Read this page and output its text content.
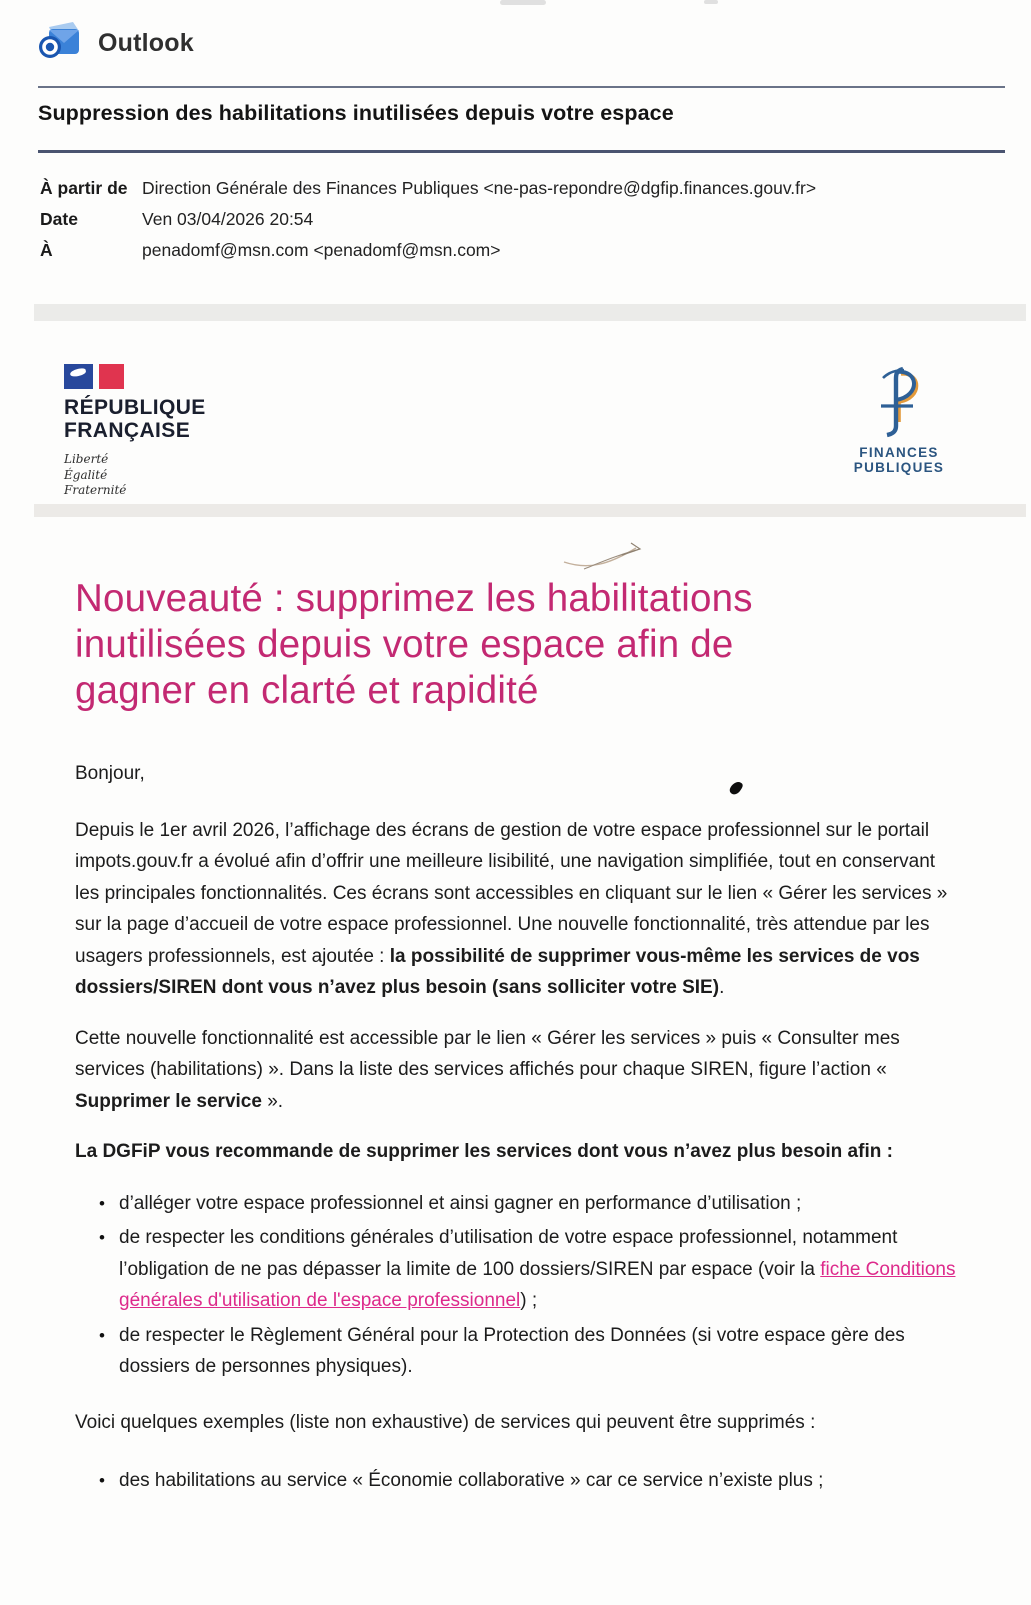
Outlook
Suppression des habilitations inutilisées depuis votre espace
À partir de Direction Générale des Finances Publiques <ne-pas-repondre@dgfip.finances.gouv.fr>
Date	Ven 03/04/2026 20:54
À	penadomf@msn.com <penadomf@msn.com>
RÉPUBLIQUE
FRANÇAISE
Liberté
Égalité
Fraternité
FINANCES PUBLIQUES
Nouveauté : supprimez les habilitations
inutilisées depuis votre espace afin de
gagner en clarté et rapidité
Bonjour,

Depuis le 1er avril 2026, l’affichage des écrans de gestion de votre espace professionnel sur le portail impots.gouv.fr a évolué afin d’offrir une meilleure lisibilité, une navigation simplifiée, tout en conservant les principales fonctionnalités. Ces écrans sont accessibles en cliquant sur le lien « Gérer les services » sur la page d’accueil de votre espace professionnel. Une nouvelle fonctionnalité, très attendue par les usagers professionnels, est ajoutée : la possibilité de supprimer vous-même les services de vos dossiers/SIREN dont vous n’avez plus besoin (sans solliciter votre SIE).

Cette nouvelle fonctionnalité est accessible par le lien « Gérer les services » puis « Consulter mes services (habilitations) ». Dans la liste des services affichés pour chaque SIREN, figure l’action « Supprimer le service ».

La DGFiP vous recommande de supprimer les services dont vous n’avez plus besoin afin :

• d’alléger votre espace professionnel et ainsi gagner en performance d’utilisation ;
• de respecter les conditions générales d’utilisation de votre espace professionnel, notamment l’obligation de ne pas dépasser la limite de 100 dossiers/SIREN par espace (voir la fiche Conditions générales d'utilisation de l'espace professionnel) ;
• de respecter le Règlement Général pour la Protection des Données (si votre espace gère des dossiers de personnes physiques).

Voici quelques exemples (liste non exhaustive) de services qui peuvent être supprimés :

• des habilitations au service « Économie collaborative » car ce service n’existe plus ;
